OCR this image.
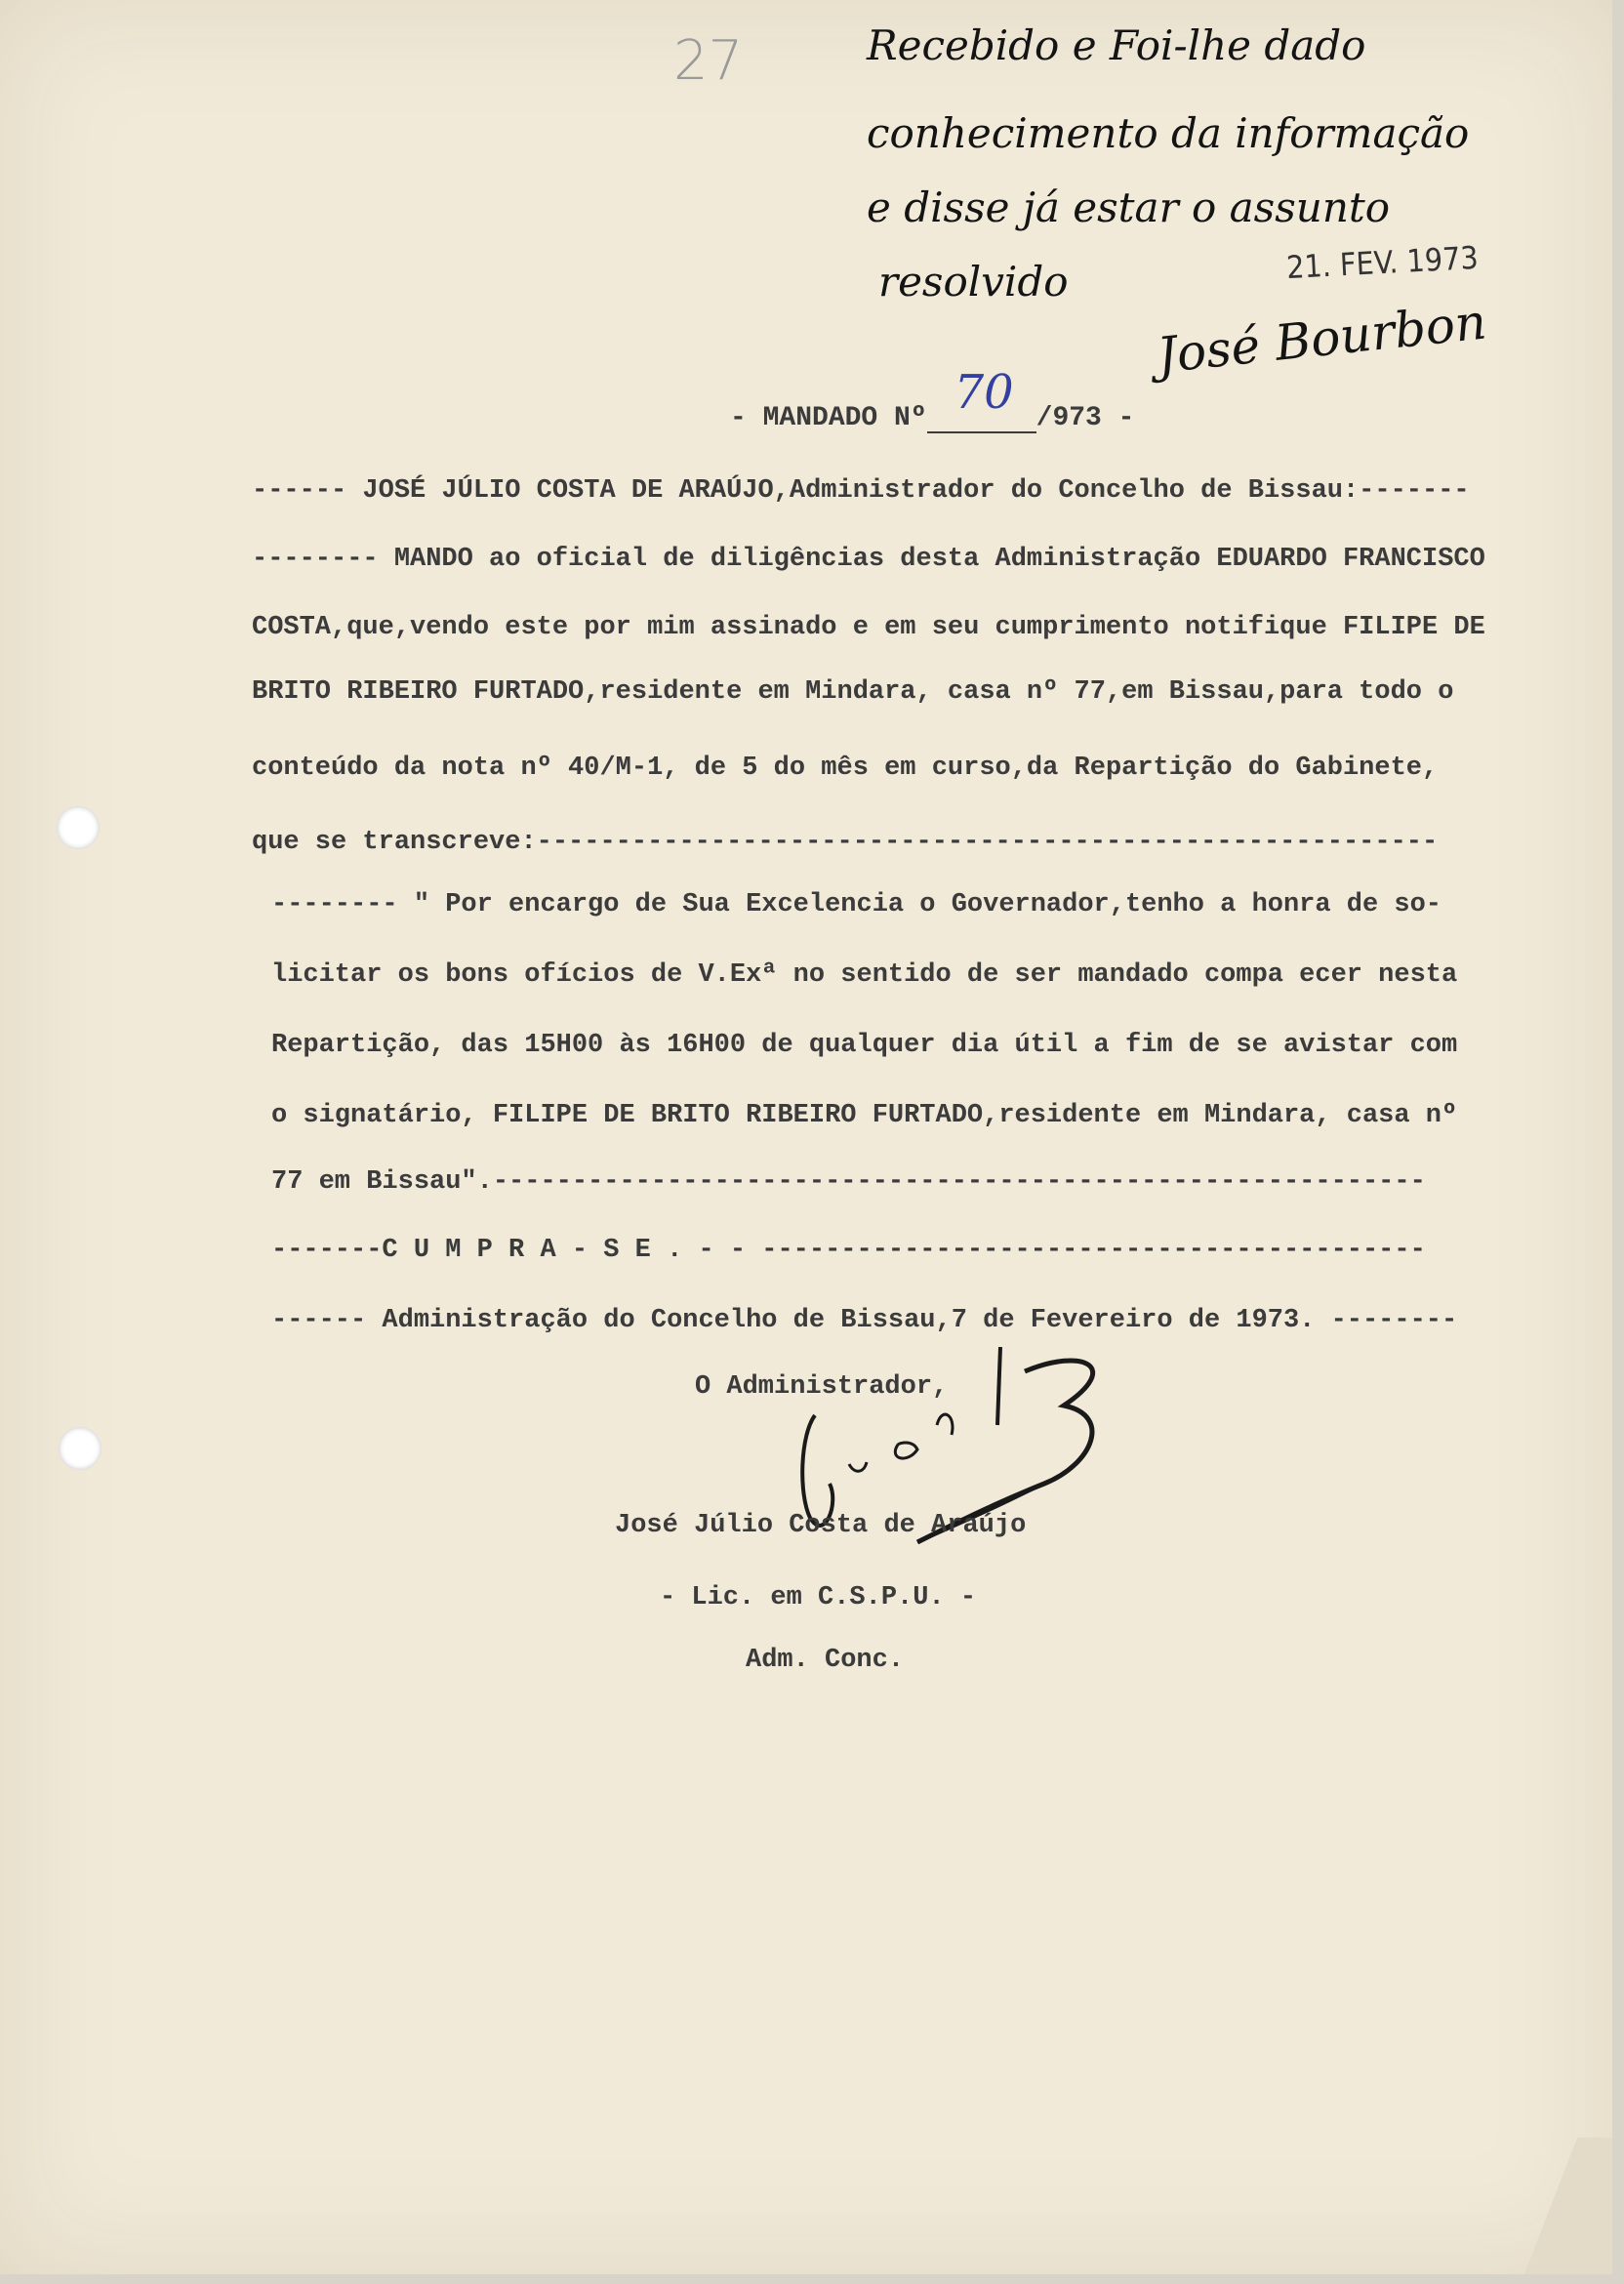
27	Recebido e Foi-lhe dado
conhecimento da informação
e disse já estar o assunto
resolvido	21. FEV. 1973
José Bourbon
- MANDADO Nº 70 /973 -
------ JOSÉ JÚLIO COSTA DE ARAÚJO,Administrador do Concelho de Bissau:-------
-------- MANDO ao oficial de diligências desta Administração EDUARDO FRANCISCO
COSTA,que,vendo este por mim assinado e em seu cumprimento notifique FILIPE DE
BRITO RIBEIRO FURTADO,residente em Mindara, casa nº 77,em Bissau,para todo o
conteúdo da nota nº 40/M-1, de 5 do mês em curso,da Repartição do Gabinete,
que se transcreve:---------------------------------------------------------
-------- " Por encargo de Sua Excelencia o Governador,tenho a honra de so-
licitar os bons ofícios de V.Exª no sentido de ser mandado compa ecer nesta
Repartição, das 15H00 às 16H00 de qualquer dia útil a fim de se avistar com
o signatário, FILIPE DE BRITO RIBEIRO FURTADO,residente em Mindara, casa nº
77 em Bissau".-----------------------------------------------------------
-------C U M P R A - S E . - - ------------------------------------------
------ Administração do Concelho de Bissau,7 de Fevereiro de 1973. --------
O Administrador,
José Júlio Costa de Araújo
- Lic. em C.S.P.U. -
Adm. Conc.
